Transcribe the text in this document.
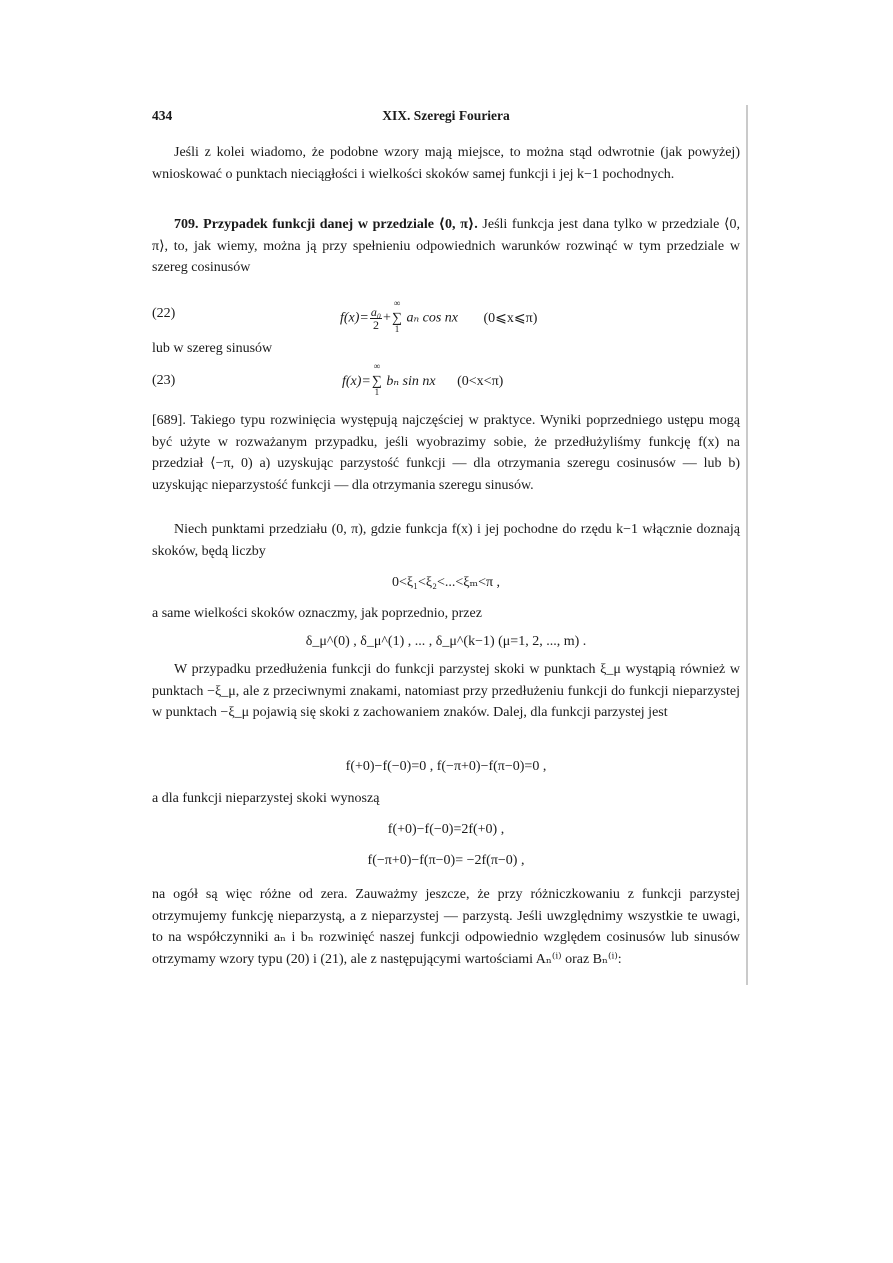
434	XIX. Szeregi Fouriera
Jeśli z kolei wiadomo, że podobne wzory mają miejsce, to można stąd odwrotnie (jak powyżej) wnioskować o punktach nieciągłości i wielkości skoków samej funkcji i jej k−1 pochodnych.
709. Przypadek funkcji danej w przedziale ⟨0, π⟩. Jeśli funkcja jest dana tylko w przedziale ⟨0, π⟩, to, jak wiemy, można ją przy spełnieniu odpowiednich warunków rozwinąć w tym przedziale w szereg cosinusów
(22)	$f(x)= \frac{\text{a₀}}{2}$ +
∞
∑
1
aₙ cos nx (0⩽x⩽π)
lub w szereg sinusów
(23)	f(x)=
∞
∑
1
bₙ sin nx (0<x<π)
[689]. Takiego typu rozwinięcia występują najczęściej w praktyce. Wyniki poprzedniego ustępu mogą być użyte w rozważanym przypadku, jeśli wyobrazimy sobie, że przedłużyliśmy funkcję f(x) na przedział ⟨−π, 0) a) uzyskując parzystość funkcji — dla otrzymania szeregu cosinusów — lub b) uzyskując nieparzystość funkcji — dla otrzymania szeregu sinusów.
Niech punktami przedziału (0, π), gdzie funkcja f(x) i jej pochodne do rzędu k−1 włącznie doznają skoków, będą liczby
0<ξ₁<ξ₂<...<ξₘ<π ,
a same wielkości skoków oznaczmy, jak poprzednio, przez
δ_μ^(0) , δ_μ^(1) , ... , δ_μ^(k−1) (μ=1, 2, ..., m) .
W przypadku przedłużenia funkcji do funkcji parzystej skoki w punktach ξ_μ wystąpią również w punktach −ξ_μ, ale z przeciwnymi znakami, natomiast przy przedłużeniu funkcji do funkcji nieparzystej w punktach −ξ_μ pojawią się skoki z zachowaniem znaków. Dalej, dla funkcji parzystej jest
f(+0)−f(−0)=0 , f(−π+0)−f(π−0)=0 ,
a dla funkcji nieparzystej skoki wynoszą
f(+0)−f(−0)=2f(+0) ,
f(−π+0)−f(π−0)= −2f(π−0) ,
na ogół są więc różne od zera. Zauważmy jeszcze, że przy różniczkowaniu z funkcji parzystej otrzymujemy funkcję nieparzystą, a z nieparzystej — parzystą. Jeśli uwzględnimy wszystkie te uwagi, to na współczynniki aₙ i bₙ rozwinięć naszej funkcji odpowiednio względem cosinusów lub sinusów otrzymamy wzory typu (20) i (21), ale z następującymi wartościami Aₙ⁽ⁱ⁾ oraz Bₙ⁽ⁱ⁾:
